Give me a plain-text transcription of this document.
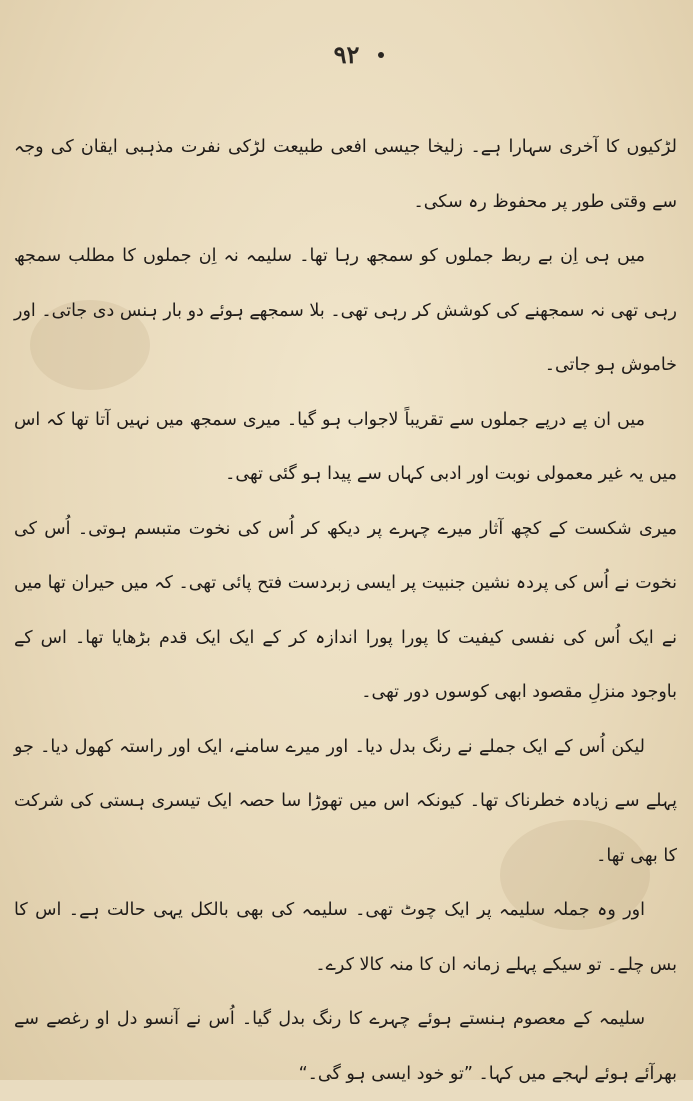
۹۲

لڑکیوں کا آخری سہارا ہے۔ زلیخا جیسی افعی طبیعت لڑکی نفرت مذہبی ایقان کی وجہ سے وقتی طور پر محفوظ رہ سکی۔

میں ہی اِن بے ربط جملوں کو سمجھ رہا تھا۔ سلیمہ نہ اِن جملوں کا مطلب سمجھ رہی تھی نہ سمجھنے کی کوشش کر رہی تھی۔ بلا سمجھے ہوئے دو بار ہنس دی جاتی۔ اور خاموش ہو جاتی۔

میں ان پے درپے جملوں سے تقریباً لاجواب ہو گیا۔ میری سمجھ میں نہیں آتا تھا کہ اس میں یہ غیر معمولی نوبت اور ادبی کہاں سے پیدا ہو گئی تھی۔

میری شکست کے کچھ آثار میرے چہرے پر دیکھ کر اُس کی نخوت متبسم ہوتی۔ اُس کی نخوت نے اُس کی پردہ نشین جنبیت پر ایسی زبردست فتح پائی تھی۔ کہ میں حیران تھا میں نے ایک اُس کی نفسی کیفیت کا پورا پورا اندازہ کر کے ایک ایک قدم بڑھایا تھا۔ اس کے باوجود منزلِ مقصود ابھی کوسوں دور تھی۔

لیکن اُس کے ایک جملے نے رنگ بدل دیا۔ اور میرے سامنے، ایک اور راستہ کھول دیا۔ جو پہلے سے زیادہ خطرناک تھا۔ کیونکہ اس میں تھوڑا سا حصہ ایک تیسری ہستی کی شرکت کا بھی تھا۔

اور وہ جملہ سلیمہ پر ایک چوٹ تھی۔ سلیمہ کی بھی بالکل یہی حالت ہے۔ اس کا بس چلے۔ تو سیکے پہلے زمانہ ان کا منہ کالا کرے۔

سلیمہ کے معصوم ہنستے ہوئے چہرے کا رنگ بدل گیا۔ اُس نے آنسو دل او رغصے سے بھرآئے ہوئے لہجے میں کہا۔ ”تو خود ایسی ہو گی۔“
